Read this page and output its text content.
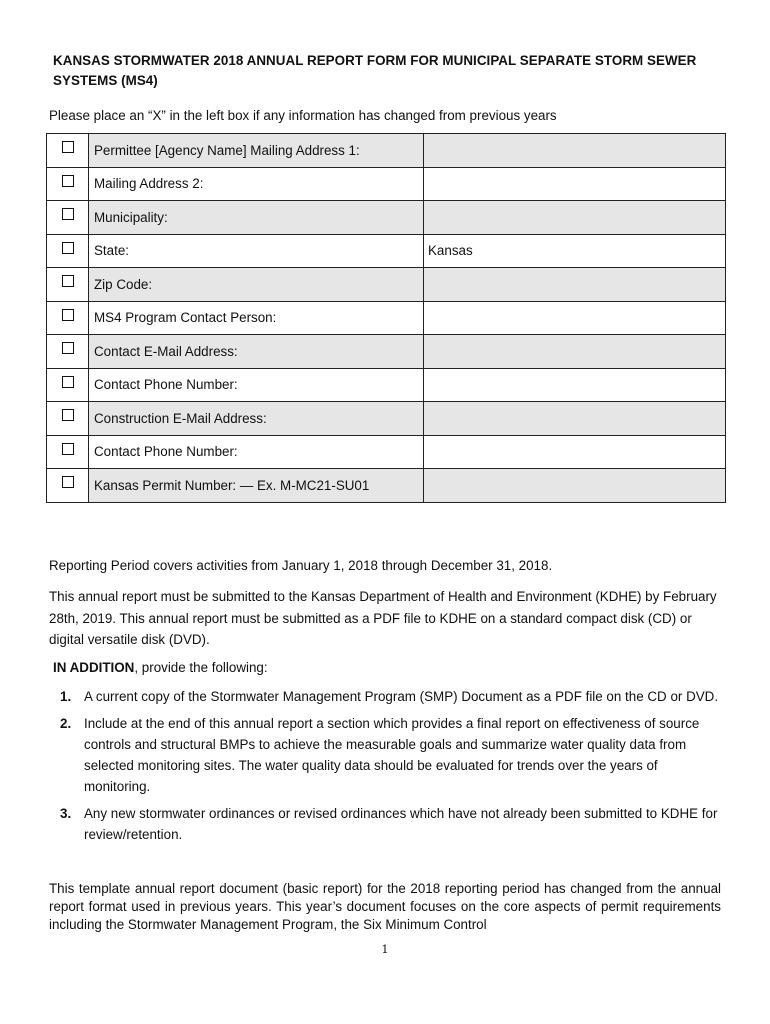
KANSAS STORMWATER 2018 ANNUAL REPORT FORM FOR MUNICIPAL SEPARATE STORM SEWER SYSTEMS (MS4)
Please place an “X” in the left box if any information has changed from previous years
	Permittee [Agency Name] Mailing Address 1:	
	Mailing Address 2:	
	Municipality:	
	State:	Kansas
	Zip Code:	
	MS4 Program Contact Person:	
	Contact E-Mail Address:	
	Contact Phone Number:	
	Construction E-Mail Address:	
	Contact Phone Number:	
	Kansas Permit Number: — Ex. M-MC21-SU01	
Reporting Period covers activities from January 1, 2018 through December 31, 2018.
This annual report must be submitted to the Kansas Department of Health and Environment (KDHE) by February 28th, 2019. This annual report must be submitted as a PDF file to KDHE on a standard compact disk (CD) or digital versatile disk (DVD).
IN ADDITION, provide the following:
1. A current copy of the Stormwater Management Program (SMP) Document as a PDF file on the CD or DVD.
2. Include at the end of this annual report a section which provides a final report on effectiveness of source controls and structural BMPs to achieve the measurable goals and summarize water quality data from selected monitoring sites. The water quality data should be evaluated for trends over the years of monitoring.
3. Any new stormwater ordinances or revised ordinances which have not already been submitted to KDHE for review/retention.
This template annual report document (basic report) for the 2018 reporting period has changed from the annual report format used in previous years. This year’s document focuses on the core aspects of permit requirements including the Stormwater Management Program, the Six Minimum Control
1
